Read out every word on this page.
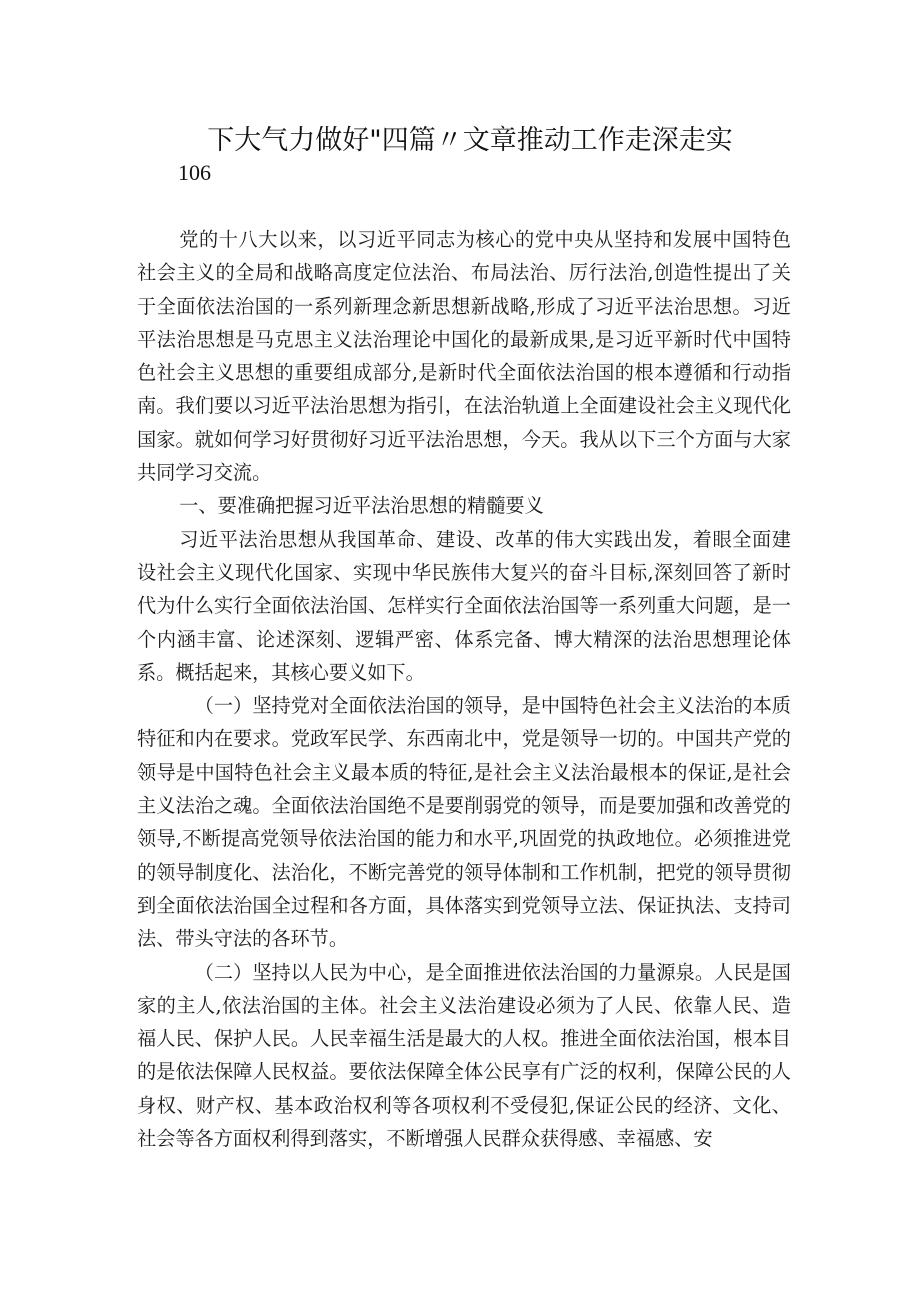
下大气力做好"四篇〃文章推动工作走深走实
106

党的十八大以来，以习近平同志为核心的党中央从坚持和发展中国特色社会主义的全局和战略高度定位法治、布局法治、厉行法治,创造性提出了关于全面依法治国的一系列新理念新思想新战略,形成了习近平法治思想。习近平法治思想是马克思主义法治理论中国化的最新成果,是习近平新时代中国特色社会主义思想的重要组成部分,是新时代全面依法治国的根本遵循和行动指南。我们要以习近平法治思想为指引，在法治轨道上全面建设社会主义现代化国家。就如何学习好贯彻好习近平法治思想，今天。我从以下三个方面与大家共同学习交流。

一、要准确把握习近平法治思想的精髓要义

习近平法治思想从我国革命、建设、改革的伟大实践出发，着眼全面建设社会主义现代化国家、实现中华民族伟大复兴的奋斗目标,深刻回答了新时代为什么实行全面依法治国、怎样实行全面依法治国等一系列重大问题，是一个内涵丰富、论述深刻、逻辑严密、体系完备、博大精深的法治思想理论体系。概括起来，其核心要义如下。

（一）坚持党对全面依法治国的领导，是中国特色社会主义法治的本质特征和内在要求。党政军民学、东西南北中，党是领导一切的。中国共产党的领导是中国特色社会主义最本质的特征,是社会主义法治最根本的保证,是社会主义法治之魂。全面依法治国绝不是要削弱党的领导，而是要加强和改善党的领导,不断提高党领导依法治国的能力和水平,巩固党的执政地位。必须推进党的领导制度化、法治化，不断完善党的领导体制和工作机制，把党的领导贯彻到全面依法治国全过程和各方面，具体落实到党领导立法、保证执法、支持司法、带头守法的各环节。

（二）坚持以人民为中心，是全面推进依法治国的力量源泉。人民是国家的主人,依法治国的主体。社会主义法治建设必须为了人民、依靠人民、造福人民、保护人民。人民幸福生活是最大的人权。推进全面依法治国，根本目的是依法保障人民权益。要依法保障全体公民享有广泛的权利，保障公民的人身权、财产权、基本政治权利等各项权利不受侵犯,保证公民的经济、文化、社会等各方面权利得到落实，不断增强人民群众获得感、幸福感、安
